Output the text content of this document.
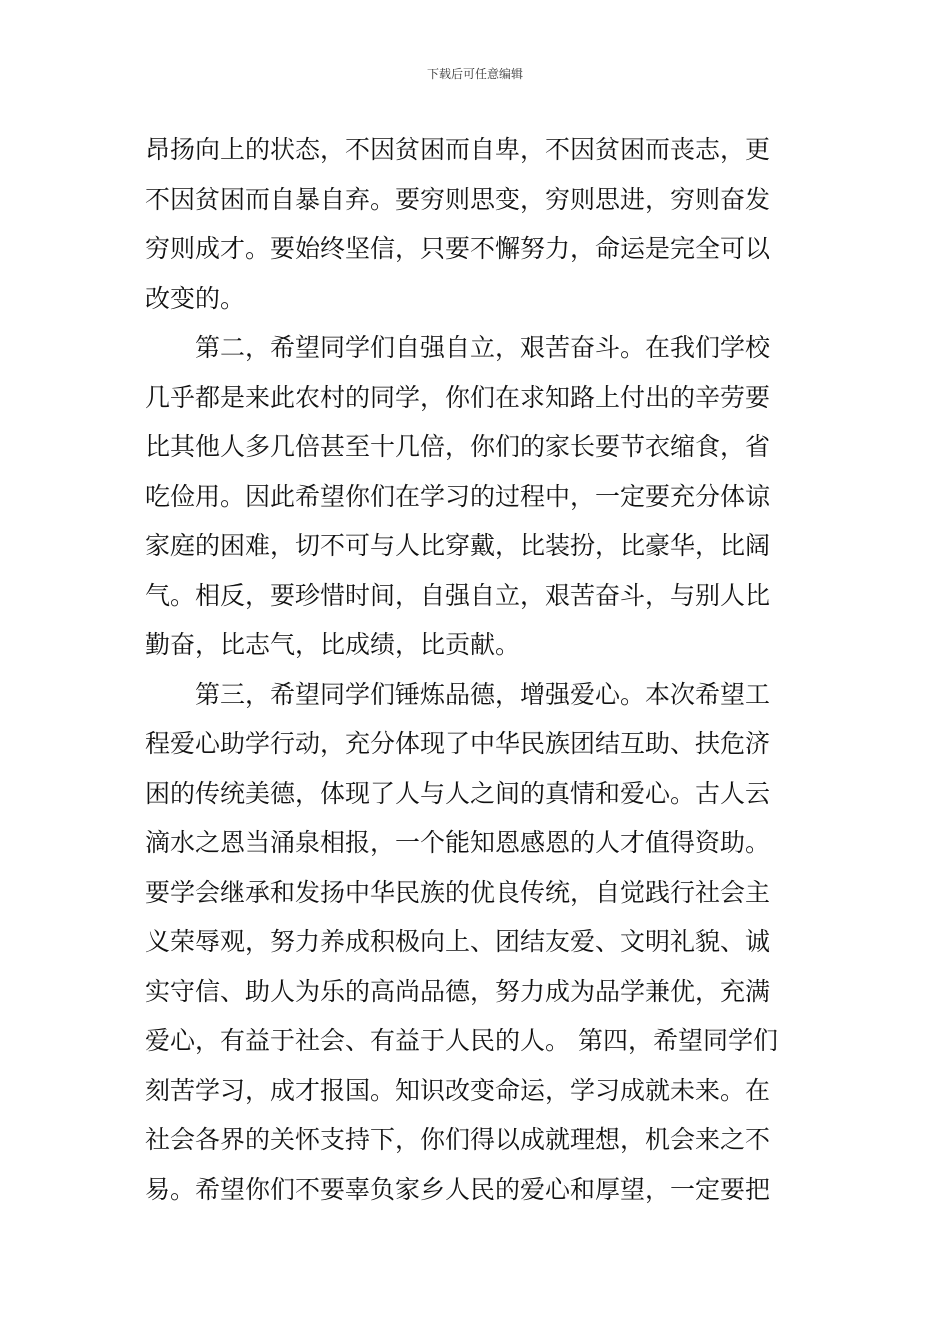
下载后可任意编辑
昂扬向上的状态，不因贫困而自卑，不因贫困而丧志，更
不因贫困而自暴自弃。要穷则思变，穷则思进，穷则奋发
穷则成才。要始终坚信，只要不懈努力，命运是完全可以
改变的。
　　第二，希望同学们自强自立，艰苦奋斗。在我们学校
几乎都是来此农村的同学，你们在求知路上付出的辛劳要
比其他人多几倍甚至十几倍，你们的家长要节衣缩食，省
吃俭用。因此希望你们在学习的过程中，一定要充分体谅
家庭的困难，切不可与人比穿戴，比装扮，比豪华，比阔
气。相反，要珍惜时间，自强自立，艰苦奋斗，与别人比
勤奋，比志气，比成绩，比贡献。
　　第三，希望同学们锤炼品德，增强爱心。本次希望工
程爱心助学行动，充分体现了中华民族团结互助、扶危济
困的传统美德，体现了人与人之间的真情和爱心。古人云
滴水之恩当涌泉相报，一个能知恩感恩的人才值得资助。
要学会继承和发扬中华民族的优良传统，自觉践行社会主
义荣辱观，努力养成积极向上、团结友爱、文明礼貌、诚
实守信、助人为乐的高尚品德，努力成为品学兼优，充满
爱心，有益于社会、有益于人民的人。 第四，希望同学们
刻苦学习，成才报国。知识改变命运，学习成就未来。在
社会各界的关怀支持下，你们得以成就理想，机会来之不
易。希望你们不要辜负家乡人民的爱心和厚望，一定要把
